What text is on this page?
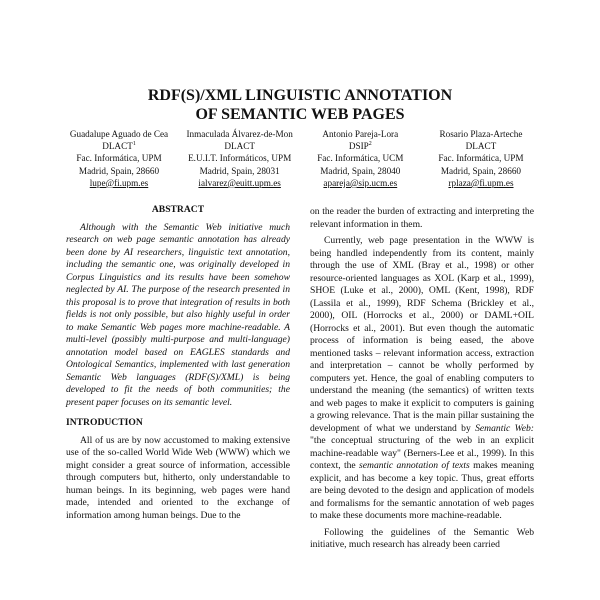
RDF(S)/XML LINGUISTIC ANNOTATION
OF SEMANTIC WEB PAGES
Guadalupe Aguado de Cea
DLACT$^1$
Fac. Informática, UPM
Madrid, Spain, 28660
lupe@fi.upm.es
Inmaculada Álvarez-de-Mon
DLACT
E.U.I.T. Informáticos, UPM
Madrid, Spain, 28031
ialvarez@euitt.upm.es
Antonio Pareja-Lora
DSIP$^2$
Fac. Informática, UCM
Madrid, Spain, 28040
apareja@sip.ucm.es
Rosario Plaza-Arteche
DLACT
Fac. Informática, UPM
Madrid, Spain, 28660
rplaza@fi.upm.es
ABSTRACT

Although with the Semantic Web initiative much research on web page semantic annotation has already been done by AI researchers, linguistic text annotation, including the semantic one, was originally developed in Corpus Linguistics and its results have been somehow neglected by AI. The purpose of the research presented in this proposal is to prove that integration of results in both fields is not only possible, but also highly useful in order to make Semantic Web pages more machine-readable. A multi-level (possibly multi-purpose and multi-language) annotation model based on EAGLES standards and Ontological Semantics, implemented with last generation Semantic Web languages (RDF(S)/XML) is being developed to fit the needs of both communities; the present paper focuses on its semantic level.

INTRODUCTION

All of us are by now accustomed to making extensive use of the so-called World Wide Web (WWW) which we might consider a great source of information, accessible through computers but, hitherto, only understandable to human beings. In its beginning, web pages were hand made, intended and oriented to the exchange of information among human beings. Due to the

on the reader the burden of extracting and interpreting the relevant information in them.

Currently, web page presentation in the WWW is being handled independently from its content, mainly through the use of XML (Bray et al., 1998) or other resource-oriented languages as XOL (Karp et al., 1999), SHOE (Luke et al., 2000), OML (Kent, 1998), RDF (Lassila et al., 1999), RDF Schema (Brickley et al., 2000), OIL (Horrocks et al., 2000) or DAML+OIL (Horrocks et al., 2001). But even though the automatic process of information is being eased, the above mentioned tasks – relevant information access, extraction and interpretation – cannot be wholly performed by computers yet. Hence, the goal of enabling computers to understand the meaning (the semantics) of written texts and web pages to make it explicit to computers is gaining a growing relevance. That is the main pillar sustaining the development of what we understand by Semantic Web: "the conceptual structuring of the web in an explicit machine-readable way" (Berners-Lee et al., 1999). In this context, the semantic annotation of texts makes meaning explicit, and has become a key topic. Thus, great efforts are being devoted to the design and application of models and formalisms for the semantic annotation of web pages to make these documents more machine-readable.

Following the guidelines of the Semantic Web initiative, much research has already been carried
